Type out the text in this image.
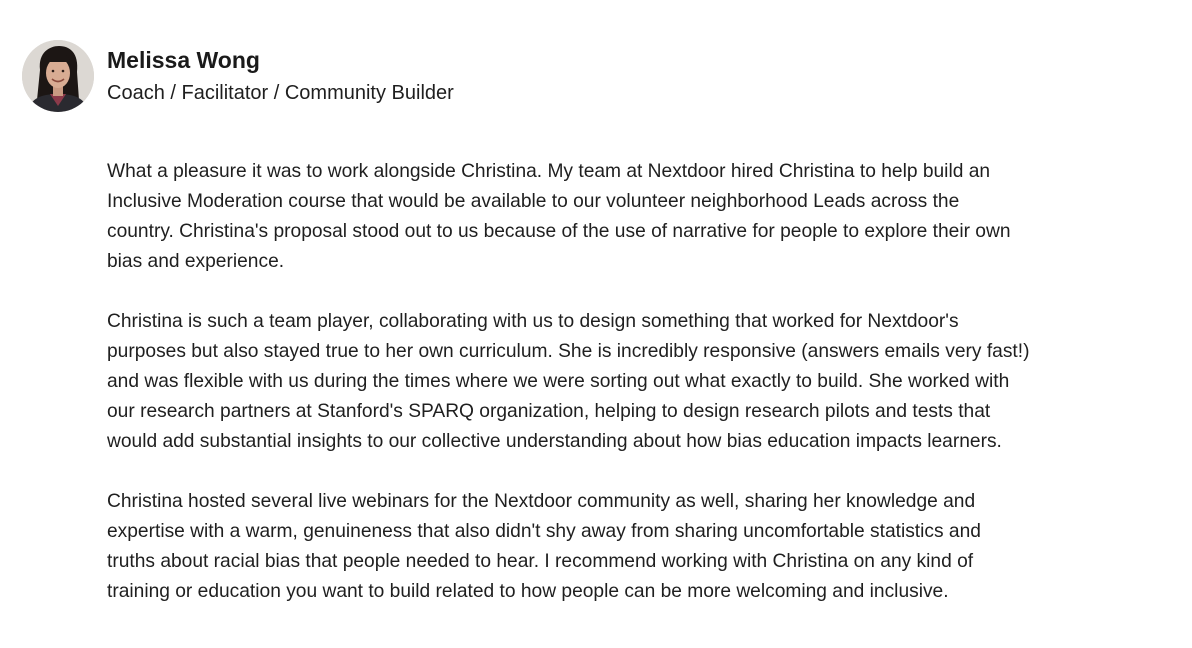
Melissa Wong
Coach / Facilitator / Community Builder

What a pleasure it was to work alongside Christina. My team at Nextdoor hired Christina to help build an
Inclusive Moderation course that would be available to our volunteer neighborhood Leads across the
country. Christina's proposal stood out to us because of the use of narrative for people to explore their own
bias and experience.

Christina is such a team player, collaborating with us to design something that worked for Nextdoor's
purposes but also stayed true to her own curriculum. She is incredibly responsive (answers emails very fast!)
and was flexible with us during the times where we were sorting out what exactly to build. She worked with
our research partners at Stanford's SPARQ organization, helping to design research pilots and tests that
would add substantial insights to our collective understanding about how bias education impacts learners.

Christina hosted several live webinars for the Nextdoor community as well, sharing her knowledge and
expertise with a warm, genuineness that also didn't shy away from sharing uncomfortable statistics and
truths about racial bias that people needed to hear. I recommend working with Christina on any kind of
training or education you want to build related to how people can be more welcoming and inclusive.
